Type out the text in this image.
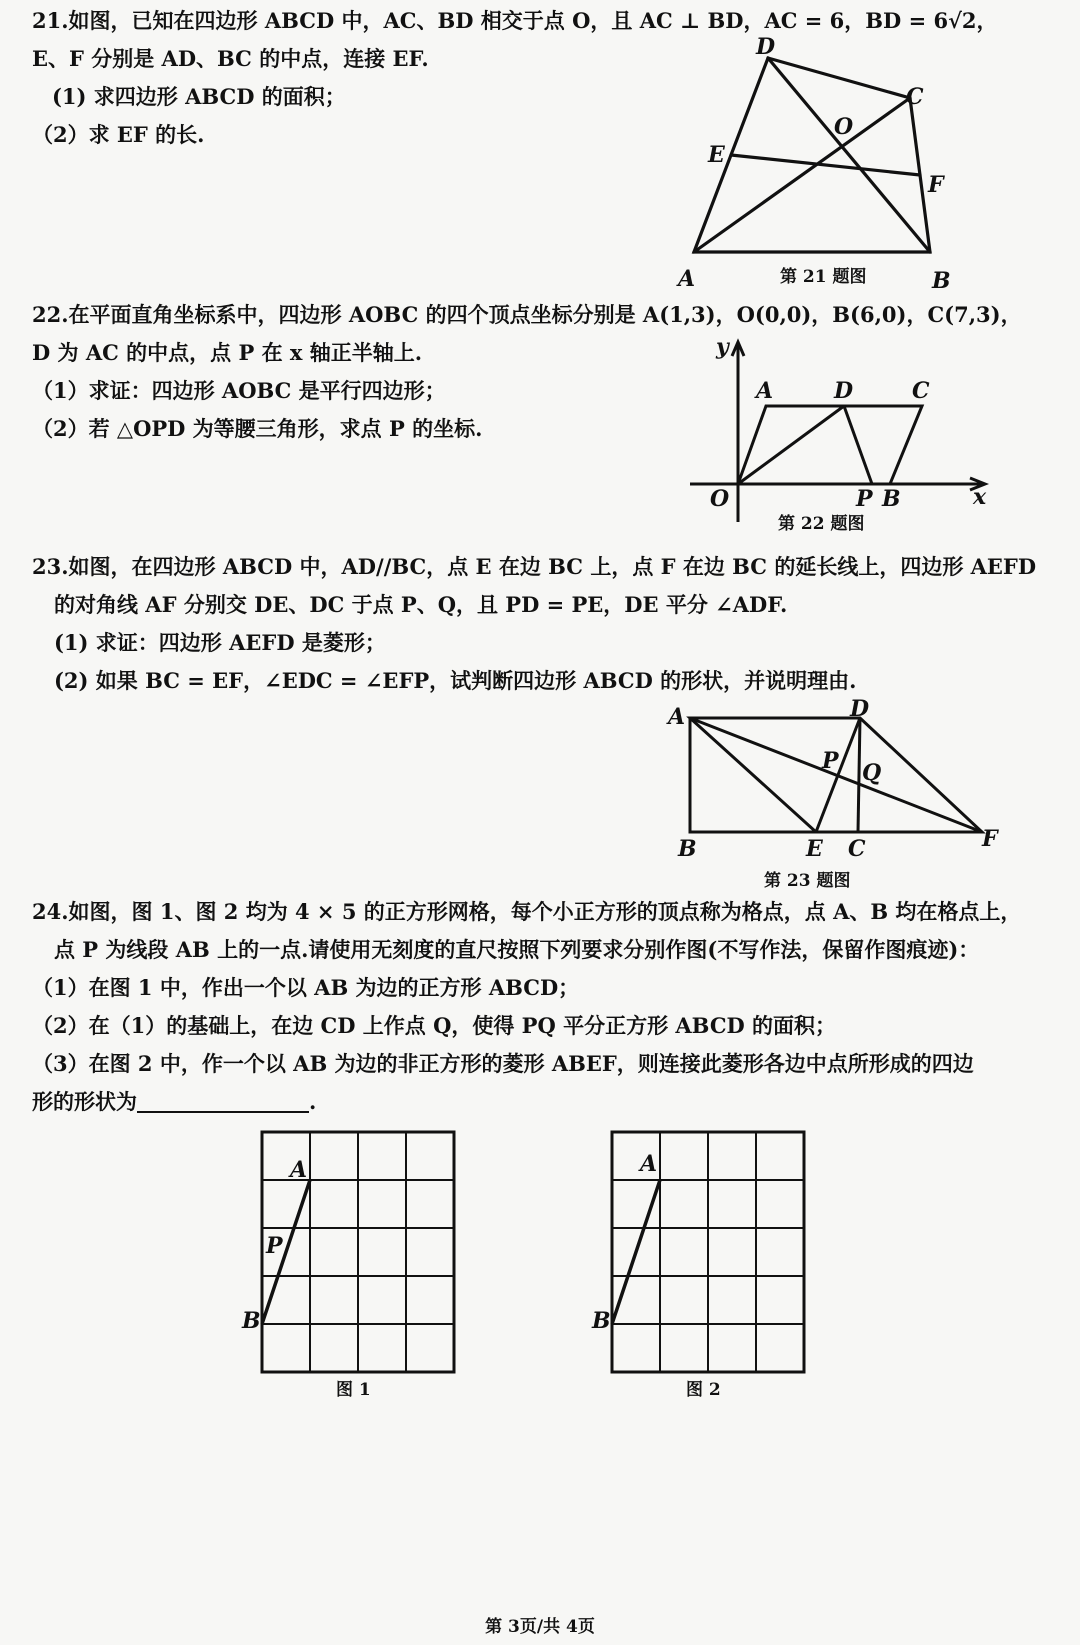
21.如图，已知在四边形 ABCD 中，AC、BD 相交于点 O，且 AC ⊥ BD，AC = 6，BD = 6√2，
E、F 分别是 AD、BC 的中点，连接 EF.
(1) 求四边形 ABCD 的面积；
（2）求 EF 的长.
A	B
C
D
E
F
O
第 21 题图
22.在平面直角坐标系中，四边形 AOBC 的四个顶点坐标分别是 A(1,3)，O(0,0)，B(6,0)，C(7,3)，
D 为 AC 的中点，点 P 在 x 轴正半轴上.
（1）求证：四边形 AOBC 是平行四边形；
（2）若 △OPD 为等腰三角形，求点 P 的坐标.
y
x
A	D	C
O	P B
第 22 题图
23.如图，在四边形 ABCD 中，AD//BC，点 E 在边 BC 上，点 F 在边 BC 的延长线上，四边形 AEFD
的对角线 AF 分别交 DE、DC 于点 P、Q，且 PD = PE，DE 平分 ∠ADF.
(1) 求证：四边形 AEFD 是菱形；
(2) 如果 BC = EF，∠EDC = ∠EFP，试判断四边形 ABCD 的形状，并说明理由.
A	D
P Q
B	E C	F
第 23 题图
24.如图，图 1、图 2 均为 4 × 5 的正方形网格，每个小正方形的顶点称为格点，点 A、B 均在格点上，
点 P 为线段 AB 上的一点.请使用无刻度的直尺按照下列要求分别作图(不写作法，保留作图痕迹)：
（1）在图 1 中，作出一个以 AB 为边的正方形 ABCD；
（2）在（1）的基础上，在边 CD 上作点 Q，使得 PQ 平分正方形 ABCD 的面积；
（3）在图 2 中，作一个以 AB 为边的非正方形的菱形 ABEF，则连接此菱形各边中点所形成的四边
形的形状为	.
A
P
B
图 1
A
B
图 2
第 3页/共 4页
